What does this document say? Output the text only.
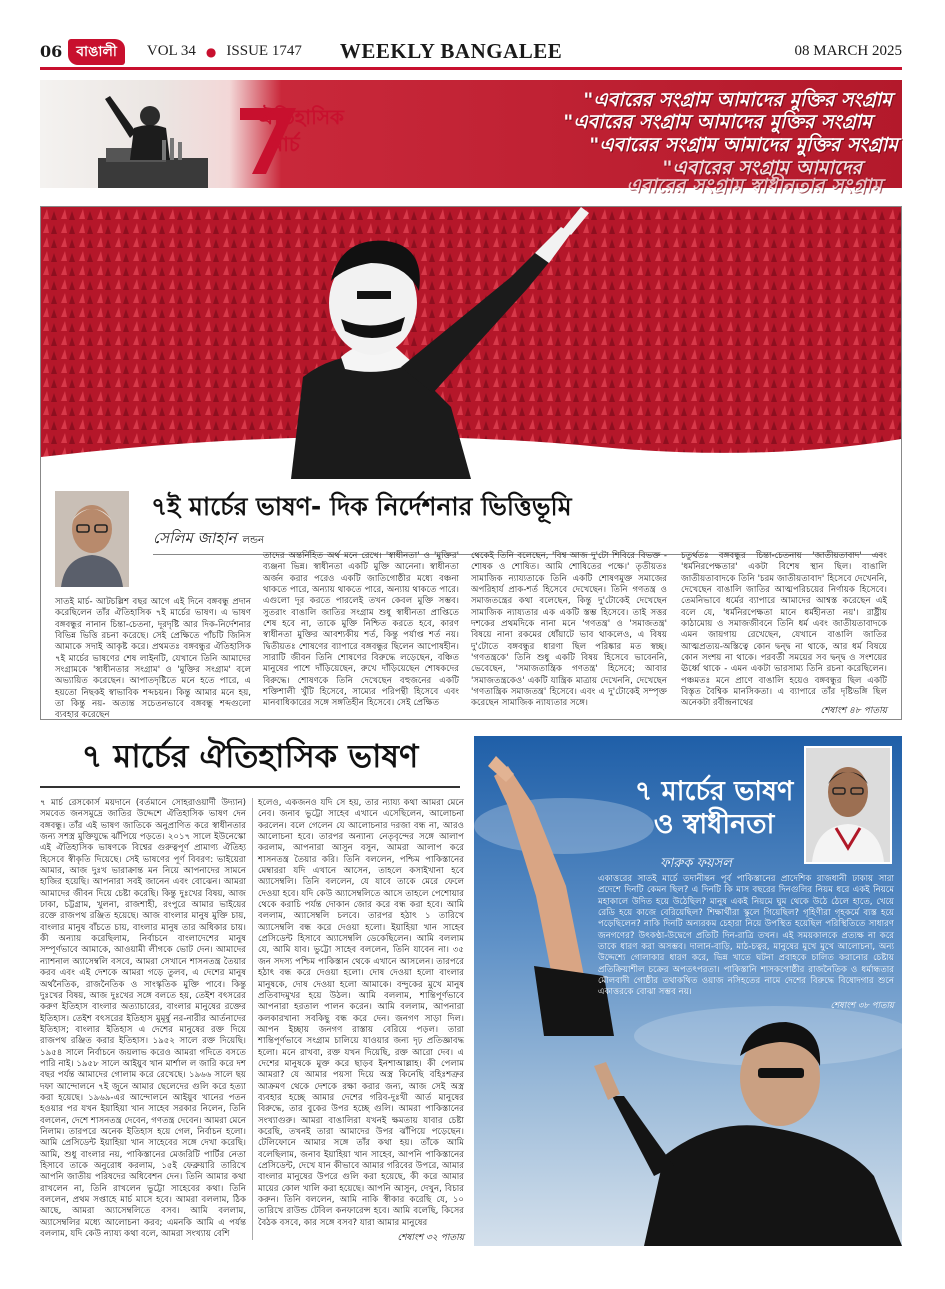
06	বাঙালী	VOL 34 ● ISSUE 1747 WEEKLY BANGALEE	08 MARCH 2025
ঐতিহাসিক
মার্চ
"এবারের সংগ্রাম আমাদের মুক্তির সংগ্রাম
"এবারের সংগ্রাম আমাদের মুক্তির সংগ্রাম
"এবারের সংগ্রাম আমাদের মুক্তির সংগ্রাম
"এবারের সংগ্রাম আমাদের
এবারের সংগ্রাম স্বাধীনতার সংগ্রাম
৭ই মার্চের ভাষণ- দিক নির্দেশনার ভিত্তিভূমি
সেলিম জাহান লন্ডন
সাতই মার্চ- আটচল্লিশ বছর আগে এই দিনে বঙ্গবন্ধু প্রদান করেছিলেন তাঁর ঐতিহাসিক ৭ই মার্চের ভাষণ। এ ভাষণ বঙ্গবন্ধুর নানান চিন্তা-চেতনা, দূরদৃষ্টি আর দিক-নির্দেশনার বিভিন্ন ভিত্তি রচনা করেছে। সেই প্রেক্ষিতে পাঁচটি জিনিস আমাকে সদাই আকৃষ্ট করে। প্রথমতঃ বঙ্গবন্ধুর ঐতিহাসিক ৭ই মার্চের ভাষণের শেষ লাইনটি, যেখানে তিনি আমাদের সংগ্রামকে 'স্বাধীনতার সংগ্রাম' ও 'মুক্তির সংগ্রাম' বলে অভ্যায়িত করেছেন। আপাতদৃষ্টিতে মনে হতে পারে, এ হয়তো নিছকই স্বাভাবিক শব্দচয়ন। কিন্তু আমার মনে হয়, তা কিন্তু নয়- অত্যন্ত সচেতনভাবে বঙ্গবন্ধু শব্দগুলো ব্যবহার করেছেন
তাদের অন্তর্নিহিত অর্থ মনে রেখে। 'স্বাধীনতা' ও 'মুক্তির' ব্যঞ্জনা ভিন্ন। স্বাধীনতা একটি মুক্তি আনেনা। স্বাধীনতা অর্জন করার পরেও একটি জাতিগোষ্ঠীর মধ্যে বঞ্চনা থাকতে পারে, অন্যায় থাকতে পারে, অন্যায় থাকতে পারে। এগুলো দূর করতে পারলেই তখন কেবল মুক্তি সম্ভব। সুতরাং বাঙালি জাতির সংগ্রাম শুধু স্বাধীনতা প্রাপ্তিতে শেষ হবে না, তাকে মুক্তি নিশ্চিত করতে হবে, কারণ স্বাধীনতা মুক্তির আবশ্যকীয় শর্ত, কিন্তু পর্যাপ্ত শর্ত নয়। দ্বিতীয়তঃ শোষণের ব্যাপারে বঙ্গবন্ধুর ছিলেন আপোষহীন। সারাটি জীবন তিনি শোষণের বিরুদ্ধে লড়েছেন, বঞ্চিত মানুষের পাশে দাঁড়িয়েছেন, রুখে দাঁড়িয়েছেন শোষকদের বিরুদ্ধে। শোষণকে তিনি দেখেছেন বহুজনের একটি শক্তিশালী খুঁটি হিসেবে, সাম্যের পরিপন্থী হিসেবে এবং মানবাধিকারের সঙ্গে সঙ্গতিহীন হিসেবে। সেই প্রেক্ষিত
থেকেই তিনি বলেছেন, 'বিশ্ব আজ দু'টো শিবিরে বিভক্ত - শোষক ও শোষিত। আমি শোষিতের পক্ষে।' তৃতীয়তঃ সামাজিক ন্যায্যতাকে তিনি একটি শোষণমুক্ত সমাজের অপরিহার্য প্রাক-শর্ত হিসেবে দেখেছেন। তিনি গণতন্ত্র ও সমাজতন্ত্রের কথা বলেছেন, কিন্তু দু'টোকেই দেখেছেন সামাজিক ন্যায্যতার এক একটি স্তম্ভ হিসেবে। তাই সত্তর দশকের প্রথমদিকে নানা মনে 'গণতন্ত্র' ও 'সমাজতন্ত্র' বিষয়ে নানা রকমের ধোঁয়াটে ভাব থাকলেও, এ বিষয় দু'টোতে বঙ্গবন্ধুর ধারণা ছিল পরিষ্কার মত স্বচ্ছ। 'গণতন্ত্রকে' তিনি শুধু একটি বিষয় হিসেবে ভাবেননি, ভেবেছেন, 'সমাজতান্ত্রিক গণতন্ত্র' হিসেবে; আবার 'সমাজতন্ত্রকেও' একটি যান্ত্রিক মাত্রায় দেখেননি, দেখেছেন 'গণতান্ত্রিক সমাজতন্ত্র' হিসেবে। এবং এ দু'টোকেই সম্পৃক্ত করেছেন সামাজিক ন্যায্যতার সঙ্গে।
চতুর্থতঃ বঙ্গবন্ধুর চিন্তা-চেতনায় 'জাতীয়তাবাদ' এবং 'ধর্মনিরপেক্ষতার' একটা বিশেষ স্থান ছিল। বাঙালি জাতীয়তাবাদকে তিনি 'চরম জাতীয়তাবাদ' হিসেবে দেখেননি, দেখেছেন বাঙালি জাতির আত্মপরিচয়ের নির্ণায়ক হিসেবে। তেমনিভাবে ধর্মের ব্যাপারে আমাদের আশ্বস্ত করেছেন এই বলে যে, 'ধর্মনিরপেক্ষতা মানে ধর্মহীনতা নয়'। রাষ্ট্রীয় কাঠামোয় ও সমাজজীবনে তিনি ধর্ম এবং জাতীয়তাবাদকে এমন জায়গায় রেখেছেন, যেখানে বাঙালি জাতির আত্মপ্রত্যয়-অস্তিত্বে কোন দ্বন্দ্ব না থাকে, আর ধর্ম বিষয়ে কোন সংশয় না থাকে। পরবর্তী সময়ের সব দ্বন্দ্ব ও সংশয়ের ঊর্ধ্বে থাকে - এমন একটা ভারসাম্য তিনি রচনা করেছিলেন। পঞ্চমতঃ মনে প্রাণে বাঙালি হয়েও বঙ্গবন্ধুর ছিল একটি বিস্তৃত বৈশ্বিক মানসিকতা। এ ব্যাপারে তাঁর দৃষ্টিভঙ্গি ছিল অনেকটা রবীন্দ্রনাথের
শেষাংশ ৪৮ পাতায়
৭ মার্চের ঐতিহাসিক ভাষণ
৭ মার্চ রেসকোর্স ময়দানে (বর্তমানে সোহরাওয়ার্দী উদ্যান) সমবেত জনসমুদ্রে জাতির উদ্দেশে ঐতিহাসিক ভাষণ দেন বঙ্গবন্ধু। তাঁর এই ভাষণ জাতিকে অনুপ্রাণিত করে স্বাধীনতার জন্য সশস্ত্র মুক্তিযুদ্ধে ঝাঁপিয়ে পড়তে। ২০১৭ সালে ইউনেস্কো এই ঐতিহাসিক ভাষণকে বিশ্বের গুরুত্বপূর্ণ প্রামাণ্য ঐতিহ্য হিসেবে স্বীকৃতি দিয়েছে। সেই ভাষণের পূর্ণ বিবরণ: ভাইয়েরা আমার, আজ দুঃখ ভারাক্রান্ত মন নিয়ে আপনাদের সামনে হাজির হয়েছি। আপনারা সবই জানেন এবং বোঝেন। আমরা আমাদের জীবন দিয়ে চেষ্টা করেছি। কিন্তু দুঃখের বিষয়, আজ ঢাকা, চট্টগ্রাম, খুলনা, রাজশাহী, রংপুরে আমার ভাইয়ের রক্তে রাজপথ রঞ্জিত হয়েছে। আজ বাংলার মানুষ মুক্তি চায়, বাংলার মানুষ বাঁচতে চায়, বাংলার মানুষ তার অধিকার চায়। কী অন্যায় করেছিলাম, নির্বাচনে বাংলাদেশের মানুষ সম্পূর্ণভাবে আমাকে, আওয়ামী লীগকে ভোট দেন। আমাদের ন্যাশনাল অ্যাসেম্বলি বসবে, আমরা সেখানে শাসনতন্ত্র তৈয়ার করব এবং এই দেশকে আমরা গড়ে তুলব, এ দেশের মানুষ অর্থনৈতিক, রাজনৈতিক ও সাংস্কৃতিক মুক্তি পাবে। কিন্তু দুঃখের বিষয়, আজ দুঃখের সঙ্গে বলতে হয়, তেইশ বৎসরের করুণ ইতিহাস বাংলার অত্যাচারের, বাংলার মানুষের রক্তের ইতিহাস। তেইশ বৎসরের ইতিহাস মুমূর্ষু নর-নারীর আর্তনাদের ইতিহাস; বাংলার ইতিহাস এ দেশের মানুষের রক্ত দিয়ে রাজপথ রঞ্জিত করার ইতিহাস। ১৯৫২ সালে রক্ত দিয়েছি। ১৯৫৪ সালে নির্বাচনে জয়লাভ করেও আমরা গদিতে বসতে পারি নাই। ১৯৫৮ সালে আইয়ুব খান মার্শাল ল জারি করে দশ বছর পর্যন্ত আমাদের গোলাম করে রেখেছে। ১৯৬৬ সালে ছয় দফা আন্দোলনে ৭ই জুনে আমার ছেলেদের গুলি করে হত্যা করা হয়েছে। ১৯৬৯-এর আন্দোলনে আইয়ুব খানের পতন হওয়ার পর যখন ইয়াহিয়া খান সাহেব সরকার নিলেন, তিনি বললেন, দেশে শাসনতন্ত্র দেবেন, গণতন্ত্র দেবেন। আমরা মেনে নিলাম। তারপরে অনেক ইতিহাস হয়ে গেল, নির্বাচন হলো। আমি প্রেসিডেন্ট ইয়াহিয়া খান সাহেবের সঙ্গে দেখা করেছি। আমি, শুধু বাংলার নয়, পাকিস্তানের মেজরিটি পার্টির নেতা হিসাবে তাকে অনুরোধ করলাম, ১৫ই ফেব্রুয়ারি তারিখে আপনি জাতীয় পরিষদের অধিবেশন দেন। তিনি আমার কথা রাখলেন না, তিনি রাখলেন ভুট্টো সাহেবের কথা। তিনি বললেন, প্রথম সপ্তাহে মার্চ মাসে হবে। আমরা বললাম, ঠিক আছে, আমরা অ্যাসেম্বলিতে বসব। আমি বললাম, অ্যাসেম্বলির মধ্যে আলোচনা করব; এমনকি আমি এ পর্যন্ত বললাম, যদি কেউ ন্যায্য কথা বলে, আমরা সংখ্যায় বেশি
হলেও, একজনও যদি সে হয়, তার ন্যায্য কথা আমরা মেনে নেব। জনাব ভুট্টো সাহেব এখানে এসেছিলেন, আলোচনা করলেন। বলে গেলেন যে আলোচনার দরজা বন্ধ না, আরও আলোচনা হবে। তারপর অন্যান্য নেতৃবৃন্দের সঙ্গে আলাপ করলাম, আপনারা আসুন বসুন, আমরা আলাপ করে শাসনতন্ত্র তৈয়ার করি। তিনি বললেন, পশ্চিম পাকিস্তানের মেম্বাররা যদি এখানে আসেন, তাহলে কসাইখানা হবে অ্যাসেম্বলি। তিনি বললেন, যে যাবে তাকে মেরে ফেলে দেওয়া হবে। যদি কেউ অ্যাসেম্বলিতে আসে তাহলে পেশোয়ার থেকে করাচি পর্যন্ত দোকান জোর করে বন্ধ করা হবে। আমি বললাম, অ্যাসেম্বলি চলবে। তারপর হঠাৎ ১ তারিখে অ্যাসেম্বলি বন্ধ করে দেওয়া হলো। ইয়াহিয়া খান সাহেব প্রেসিডেন্ট হিসাবে অ্যাসেম্বলি ডেকেছিলেন। আমি বললাম যে, আমি যাব। ভুট্টো সাহেব বললেন, তিনি যাবেন না। ৩৫ জন সদস্য পশ্চিম পাকিস্তান থেকে এখানে আসলেন। তারপরে হঠাৎ বন্ধ করে দেওয়া হলো। দোষ দেওয়া হলো বাংলার মানুষকে, দোষ দেওয়া হলো আমাকে। বন্দুকের মুখে মানুষ প্রতিবাদমুখর হয়ে উঠল। আমি বললাম, শান্তিপূর্ণভাবে আপনারা হরতাল পালন করেন। আমি বললাম, আপনারা কলকারখানা সবকিছু বন্ধ করে দেন। জনগণ সাড়া দিল। আপন ইচ্ছায় জনগণ রাস্তায় বেরিয়ে পড়ল। তারা শান্তিপূর্ণভাবে সংগ্রাম চালিয়ে যাওয়ার জন্য দৃঢ় প্রতিজ্ঞাবদ্ধ হলো। মনে রাখবা, রক্ত যখন দিয়েছি, রক্ত আরো দেব। এ দেশের মানুষকে মুক্ত করে ছাড়ব ইনশাআল্লাহ। কী পেলাম আমরা? যে আমার পয়সা দিয়ে অস্ত্র কিনেছি বহিঃশত্রুর আক্রমণ থেকে দেশকে রক্ষা করার জন্য, আজ সেই অস্ত্র ব্যবহার হচ্ছে আমার দেশের গরিব-দুঃখী আর্ত মানুষের বিরুদ্ধে, তার বুকের উপর হচ্ছে গুলি। আমরা পাকিস্তানের সংখ্যাগুরু। আমরা বাঙালিরা যখনই ক্ষমতায় যাবার চেষ্টা করেছি, তখনই তারা আমাদের উপর ঝাঁপিয়ে পড়েছেন। টেলিফোনে আমার সঙ্গে তাঁর কথা হয়। তাঁকে আমি বলেছিলাম, জনাব ইয়াহিয়া খান সাহেব, আপনি পাকিস্তানের প্রেসিডেন্ট, দেখে যান কীভাবে আমার গরিবের উপরে, আমার বাংলার মানুষের উপরে গুলি করা হয়েছে, কী করে আমার মায়ের কোল খালি করা হয়েছে। আপনি আসুন, দেখুন, বিচার করুন। তিনি বললেন, আমি নাকি স্বীকার করেছি যে, ১০ তারিখে রাউন্ড টেবিল কনফারেন্স হবে। আমি বলেছি, কিসের বৈঠক বসবে, কার সঙ্গে বসব? যারা আমার মানুষের
শেষাংশ ৩২ পাতায়
৭ মার্চের ভাষণ
ও স্বাধীনতা
ফারুক ফয়সল
একাত্তরের সাতই মার্চে তদানীন্তন পূর্ব পাকিস্তানের প্রাদেশিক রাজধানী ঢাকায় সারা প্রদেশে দিনটি কেমন ছিল? এ দিনটি কি মাস বছরের দিনগুলির নিয়ম ধরে একই নিয়মে মহাকালে উদিত হয়ে উঠেছিল? মানুষ একই নিয়মে ঘুম থেকে উঠে ঠেলে হাতে, খেয়ে রেডি হয়ে কাজে বেরিয়েছিল? শিক্ষার্থীরা স্কুলে গিয়েছিল? গৃহিণীরা গৃহকর্মে ব্যস্ত হয়ে পড়েছিলেন? নাকি দিনটি অন্যরকম চেহারা নিয়ে উপস্থিত হয়েছিল পরিস্থিতিতে সাধারণ জনগণের? উৎকণ্ঠা-উদ্বেগে প্রতিটি দিন-রাত্রি তখন। এই সময়কালকে প্রত্যক্ষ না করে তাকে ধারণ করা অসম্ভব। দালান-বাড়ি, মাঠ-চত্বর, মানুষের মুখে মুখে আলোচনা, অন্য উদ্দেশ্যে গোলাকার ধারণ করে, ভিন্ন খাতে ঘটনা প্রবাহকে চালিত করানোর চেষ্টায় প্রতিক্রিয়াশীল চক্রের অপতৎপরতা। পাকিস্তানি শাসকগোষ্ঠীর রাজনৈতিক ও ধর্মান্ধতার মৌলবাদী গোষ্ঠীর তথাকথিত ওয়াজ নসিহতের নামে দেশের বিরুদ্ধে বিষোদগার শুনে একাত্তরকে বোঝা সম্ভব নয়।
শেষাংশ ৩৮ পাতায়
